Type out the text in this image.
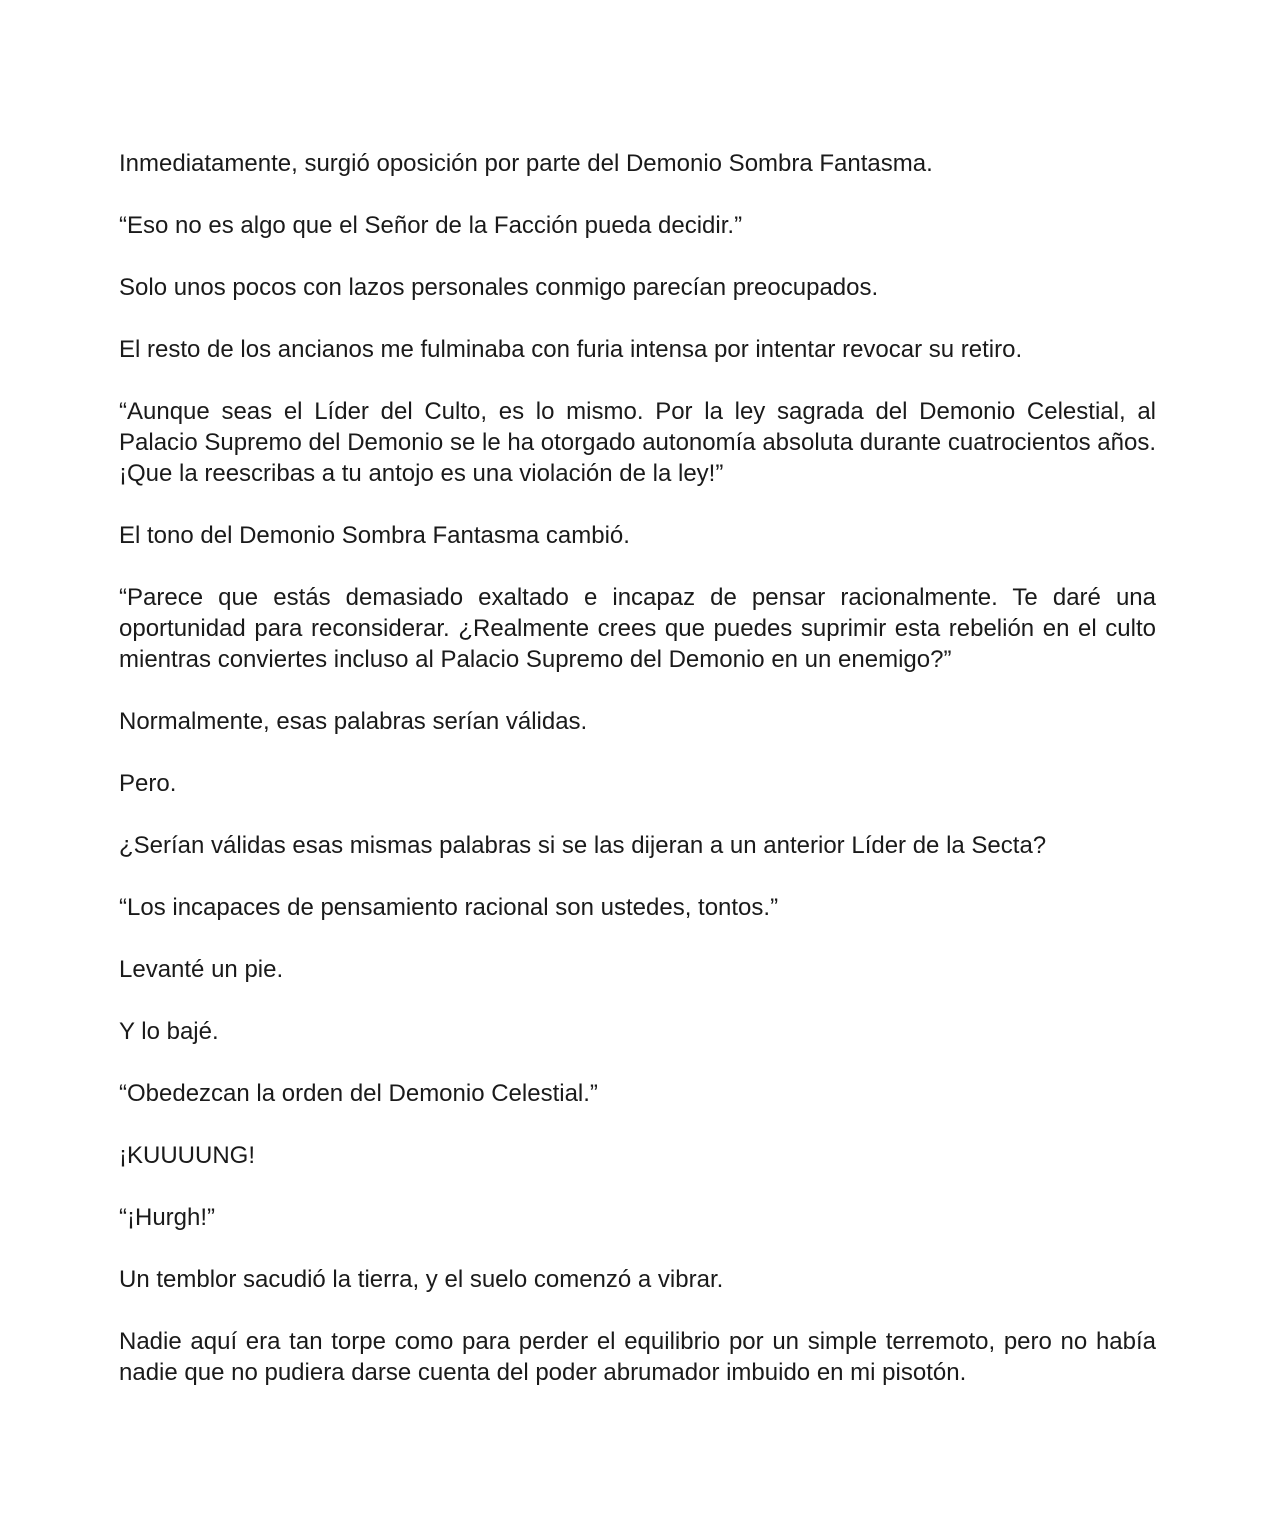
Inmediatamente, surgió oposición por parte del Demonio Sombra Fantasma.

“Eso no es algo que el Señor de la Facción pueda decidir.”

Solo unos pocos con lazos personales conmigo parecían preocupados.

El resto de los ancianos me fulminaba con furia intensa por intentar revocar su retiro.

“Aunque seas el Líder del Culto, es lo mismo. Por la ley sagrada del Demonio Celestial, al Palacio Supremo del Demonio se le ha otorgado autonomía absoluta durante cuatrocientos años. ¡Que la reescribas a tu antojo es una violación de la ley!”

El tono del Demonio Sombra Fantasma cambió.

“Parece que estás demasiado exaltado e incapaz de pensar racionalmente. Te daré una oportunidad para reconsiderar. ¿Realmente crees que puedes suprimir esta rebelión en el culto mientras conviertes incluso al Palacio Supremo del Demonio en un enemigo?”

Normalmente, esas palabras serían válidas.

Pero.

¿Serían válidas esas mismas palabras si se las dijeran a un anterior Líder de la Secta?

“Los incapaces de pensamiento racional son ustedes, tontos.”

Levanté un pie.

Y lo bajé.

“Obedezcan la orden del Demonio Celestial.”

¡KUUUUNG!

“¡Hurgh!”

Un temblor sacudió la tierra, y el suelo comenzó a vibrar.

Nadie aquí era tan torpe como para perder el equilibrio por un simple terremoto, pero no había nadie que no pudiera darse cuenta del poder abrumador imbuido en mi pisotón.
